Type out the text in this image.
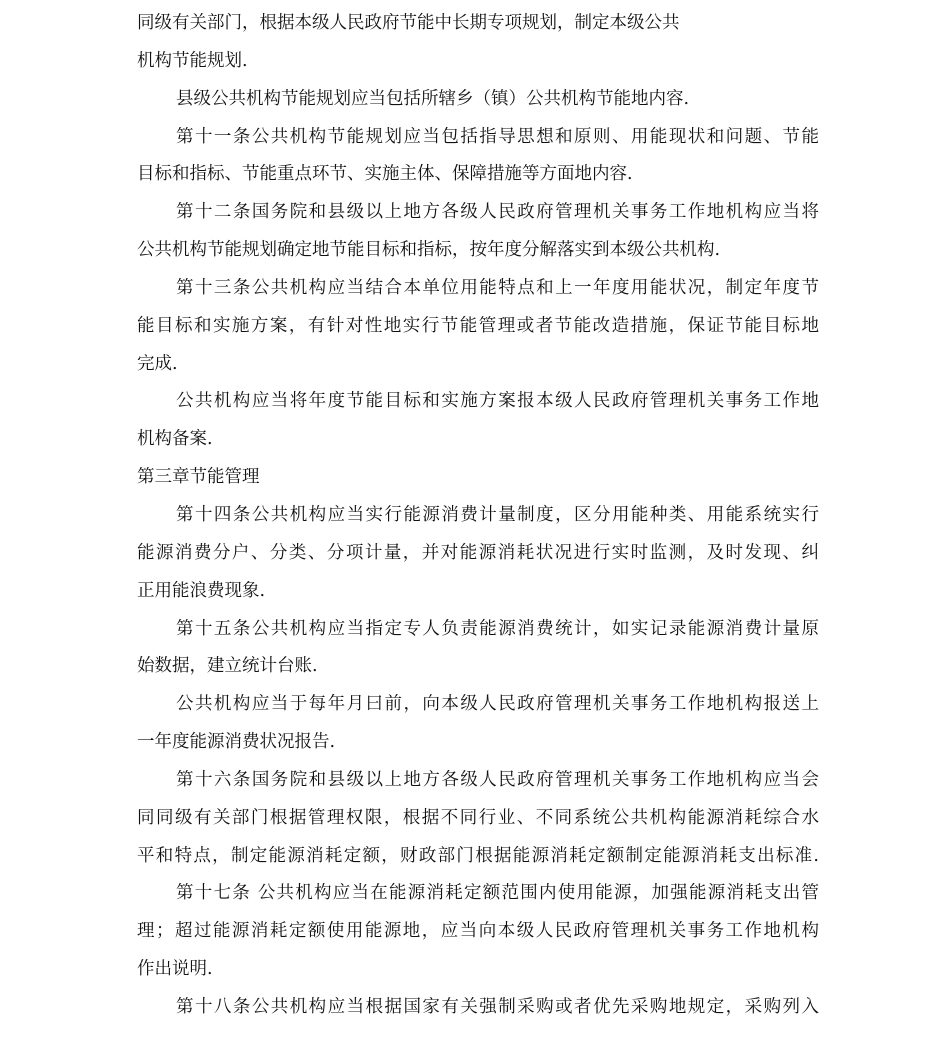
同级有关部门，根据本级人民政府节能中长期专项规划，制定本级公共
机构节能规划.
县级公共机构节能规划应当包括所辖乡（镇）公共机构节能地内容.
第十一条公共机构节能规划应当包括指导思想和原则、用能现状和问题、节能
目标和指标、节能重点环节、实施主体、保障措施等方面地内容.
第十二条国务院和县级以上地方各级人民政府管理机关事务工作地机构应当将
公共机构节能规划确定地节能目标和指标，按年度分解落实到本级公共机构.
第十三条公共机构应当结合本单位用能特点和上一年度用能状况，制定年度节
能目标和实施方案，有针对性地实行节能管理或者节能改造措施，保证节能目标地
完成.
公共机构应当将年度节能目标和实施方案报本级人民政府管理机关事务工作地
机构备案.
第三章节能管理
第十四条公共机构应当实行能源消费计量制度，区分用能种类、用能系统实行
能源消费分户、分类、分项计量，并对能源消耗状况进行实时监测，及时发现、纠
正用能浪费现象.
第十五条公共机构应当指定专人负责能源消费统计，如实记录能源消费计量原
始数据，建立统计台账.
公共机构应当于每年月曰前，向本级人民政府管理机关事务工作地机构报送上
一年度能源消费状况报告.
第十六条国务院和县级以上地方各级人民政府管理机关事务工作地机构应当会
同同级有关部门根据管理权限，根据不同行业、不同系统公共机构能源消耗综合水
平和特点，制定能源消耗定额，财政部门根据能源消耗定额制定能源消耗支出标准.
第十七条 公共机构应当在能源消耗定额范围内使用能源，加强能源消耗支出管
理；超过能源消耗定额使用能源地，应当向本级人民政府管理机关事务工作地机构
作出说明.
第十八条公共机构应当根据国家有关强制采购或者优先采购地规定，采购列入
